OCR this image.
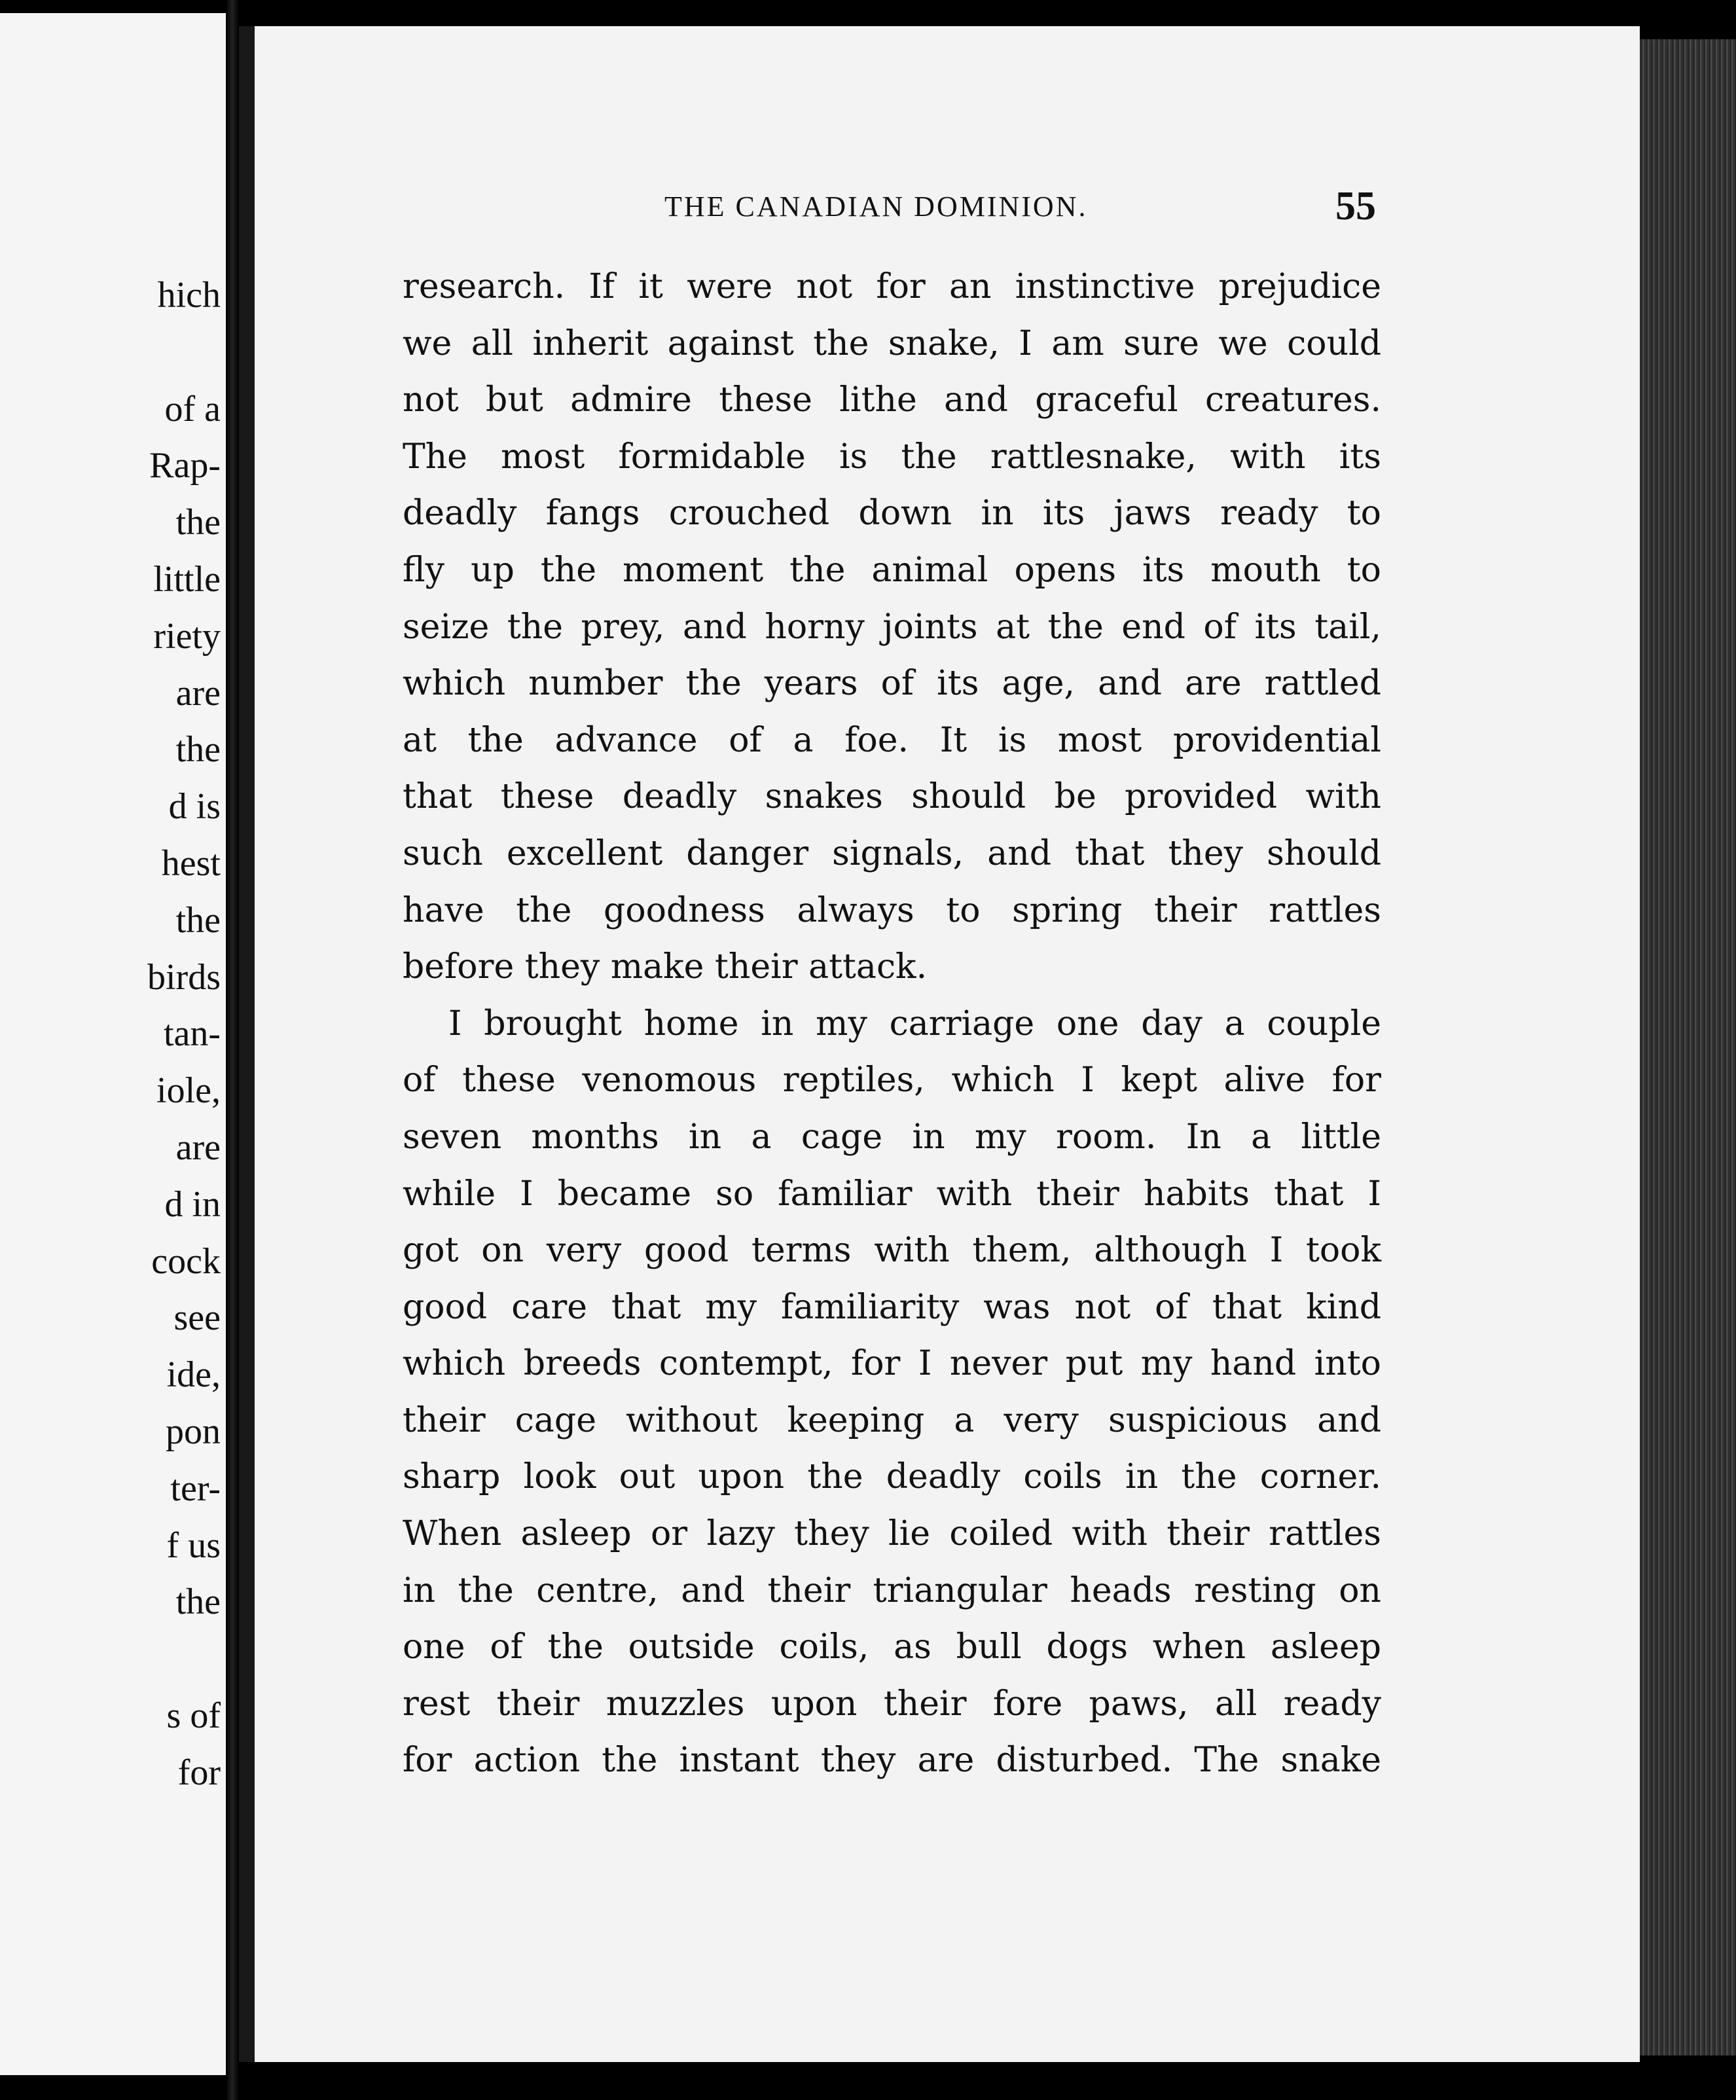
hich
of a
Rap-
the
little
riety
are
the
d is
hest
the
birds
tan-
iole,
are
d in
cock
see
ide,
pon
ter-
f us
the
s of
for
THE CANADIAN DOMINION.	55
research. If it were not for an instinctive prejudice
we all inherit against the snake, I am sure we could
not but admire these lithe and graceful creatures.
The most formidable is the rattlesnake, with its
deadly fangs crouched down in its jaws ready to
fly up the moment the animal opens its mouth to
seize the prey, and horny joints at the end of its tail,
which number the years of its age, and are rattled
at the advance of a foe. It is most providential
that these deadly snakes should be provided with
such excellent danger signals, and that they should
have the goodness always to spring their rattles
before they make their attack.
I brought home in my carriage one day a couple
of these venomous reptiles, which I kept alive for
seven months in a cage in my room. In a little
while I became so familiar with their habits that I
got on very good terms with them, although I took
good care that my familiarity was not of that kind
which breeds contempt, for I never put my hand into
their cage without keeping a very suspicious and
sharp look out upon the deadly coils in the corner.
When asleep or lazy they lie coiled with their rattles
in the centre, and their triangular heads resting on
one of the outside coils, as bull dogs when asleep
rest their muzzles upon their fore paws, all ready
for action the instant they are disturbed. The snake
